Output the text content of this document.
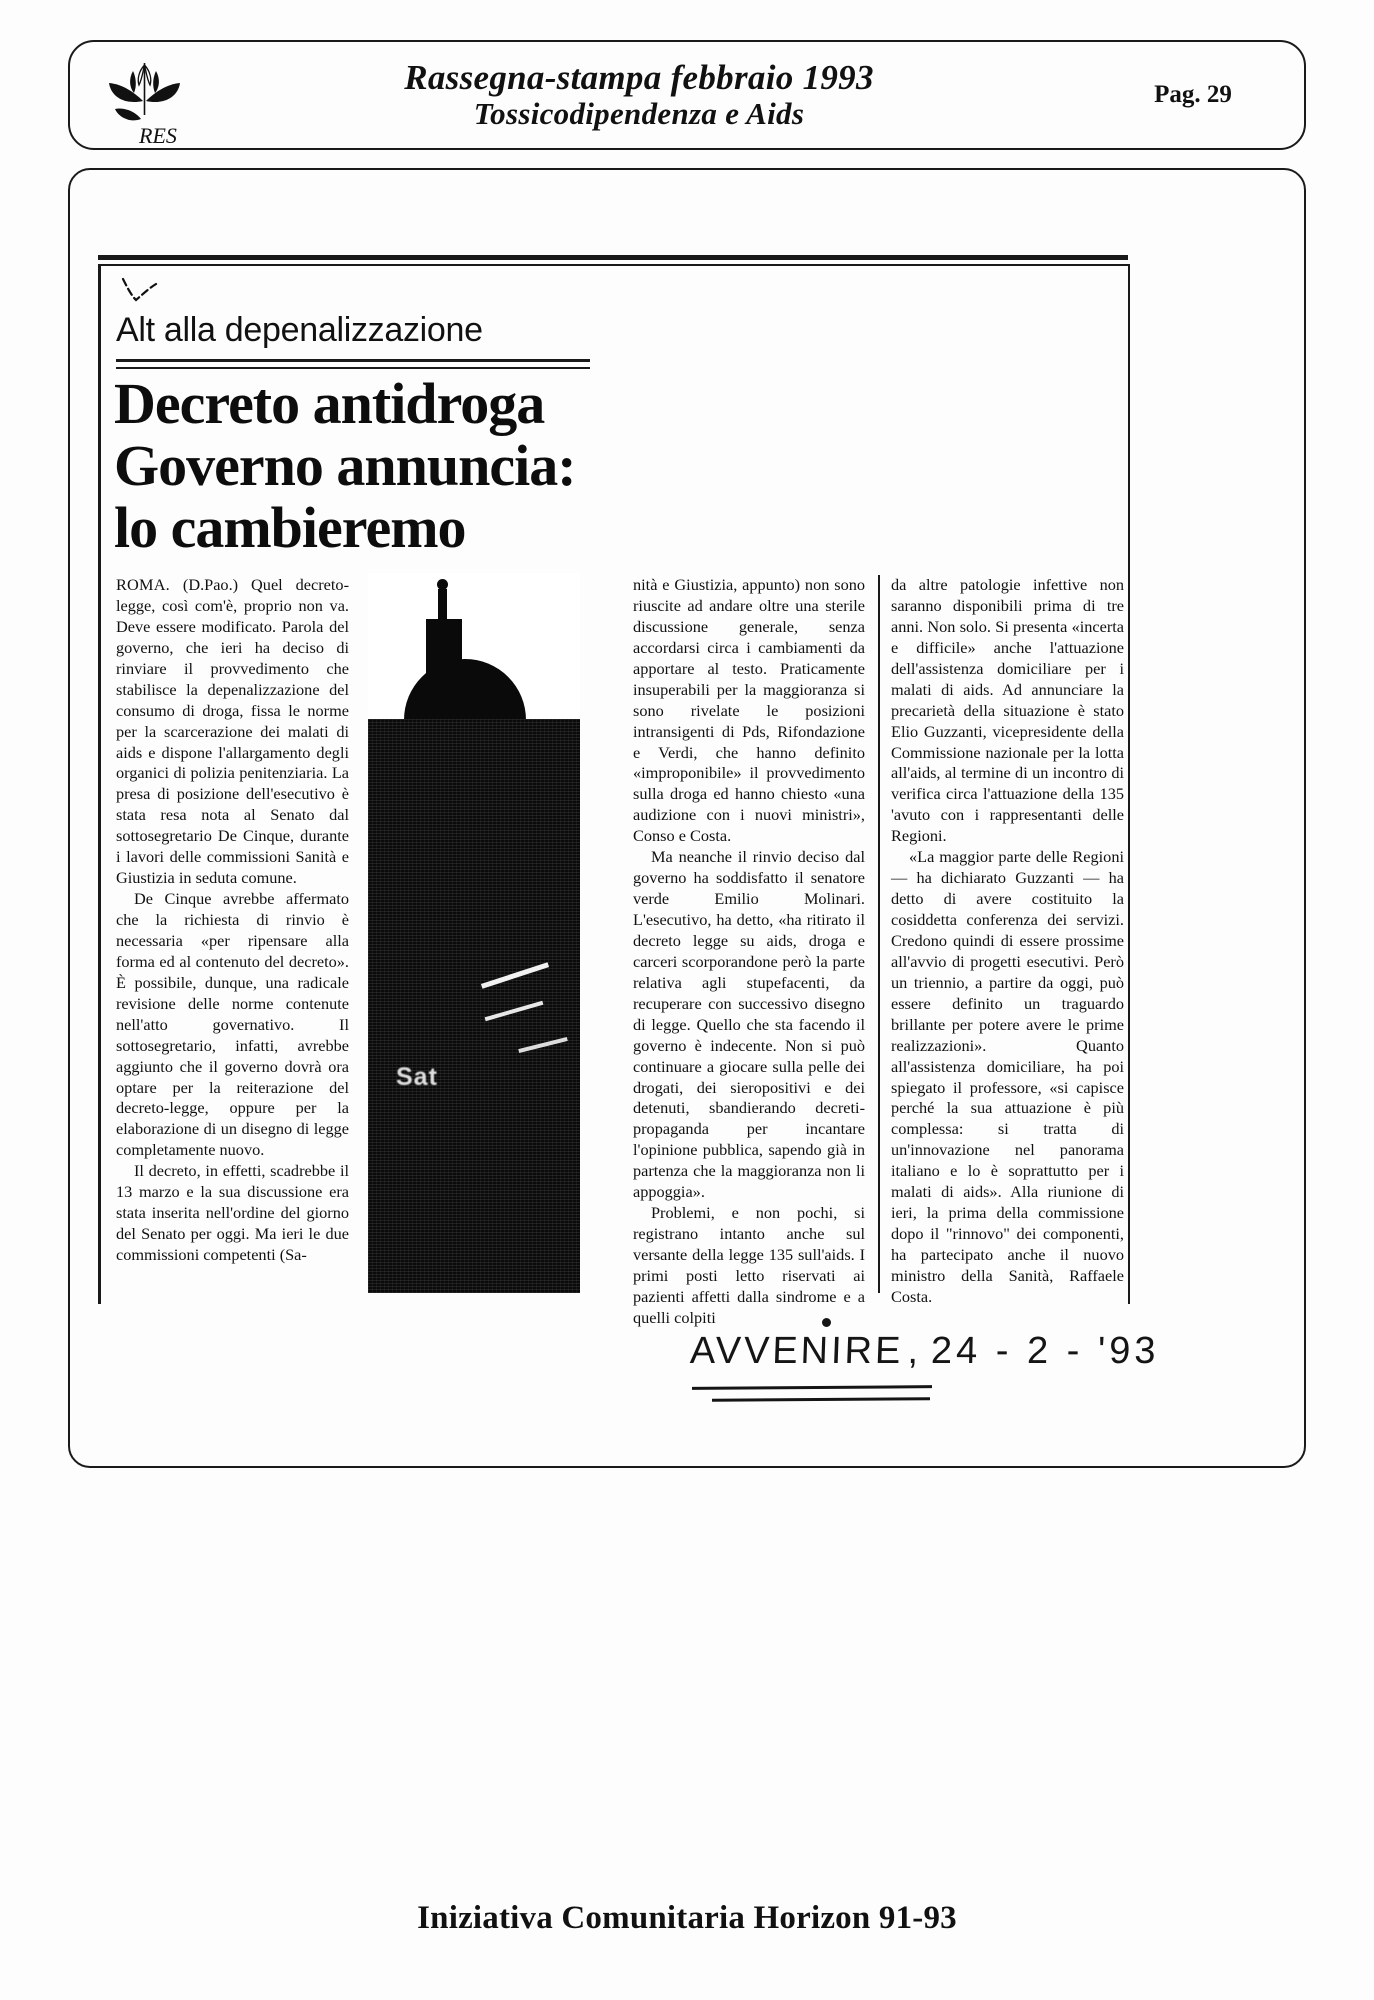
RES
Rassegna-stampa febbraio 1993
Tossicodipendenza e Aids
Pag. 29
Alt alla depenalizzazione
Decreto antidroga
Governo annuncia:
lo cambieremo

ROMA. (D.Pao.) Quel decreto-legge, così com'è, proprio non va. Deve essere modificato. Parola del governo, che ieri ha deciso di rinviare il provvedimento che stabilisce la depenalizzazione del consumo di droga, fissa le norme per la scarcerazione dei malati di aids e dispone l'allargamento degli organici di polizia penitenziaria. La presa di posizione dell'esecutivo è stata resa nota al Senato dal sottosegretario De Cinque, durante i lavori delle commissioni Sanità e Giustizia in seduta comune.

De Cinque avrebbe affermato che la richiesta di rinvio è necessaria «per ripensare alla forma ed al contenuto del decreto». È possibile, dunque, una radicale revisione delle norme contenute nell'atto governativo. Il sottosegretario, infatti, avrebbe aggiunto che il governo dovrà ora optare per la reiterazione del decreto-legge, oppure per la elaborazione di un disegno di legge completamente nuovo.

Il decreto, in effetti, scadrebbe il 13 marzo e la sua discussione era stata inserita nell'ordine del giorno del Senato per oggi. Ma ieri le due commissioni competenti (Sa-

nità e Giustizia, appunto) non sono riuscite ad andare oltre una sterile discussione generale, senza accordarsi circa i cambiamenti da apportare al testo. Praticamente insuperabili per la maggioranza si sono rivelate le posizioni intransigenti di Pds, Rifondazione e Verdi, che hanno definito «improponibile» il provvedimento sulla droga ed hanno chiesto «una audizione con i nuovi ministri», Conso e Costa.

Ma neanche il rinvio deciso dal governo ha soddisfatto il senatore verde Emilio Molinari. L'esecutivo, ha detto, «ha ritirato il decreto legge su aids, droga e carceri scorporandone però la parte relativa agli stupefacenti, da recuperare con successivo disegno di legge. Quello che sta facendo il governo è indecente. Non si può continuare a giocare sulla pelle dei drogati, dei sieropositivi e dei detenuti, sbandierando decreti-propaganda per incantare l'opinione pubblica, sapendo già in partenza che la maggioranza non li appoggia».

Problemi, e non pochi, si registrano intanto anche sul versante della legge 135 sull'aids. I primi posti letto riservati ai pazienti affetti dalla sindrome e a quelli colpiti

da altre patologie infettive non saranno disponibili prima di tre anni. Non solo. Si presenta «incerta e difficile» anche l'attuazione dell'assistenza domiciliare per i malati di aids. Ad annunciare la precarietà della situazione è stato Elio Guzzanti, vicepresidente della Commissione nazionale per la lotta all'aids, al termine di un incontro di verifica circa l'attuazione della 135 'avuto con i rappresentanti delle Regioni.

«La maggior parte delle Regioni — ha dichiarato Guzzanti — ha detto di avere costituito la cosiddetta conferenza dei servizi. Credono quindi di essere prossime all'avvio di progetti esecutivi. Però un triennio, a partire da oggi, può essere definito un traguardo brillante per potere avere le prime realizzazioni». Quanto all'assistenza domiciliare, ha poi spiegato il professore, «si capisce perché la sua attuazione è più complessa: si tratta di un'innovazione nel panorama italiano e lo è soprattutto per i malati di aids». Alla riunione di ieri, la prima della commissione dopo il "rinnovo" dei componenti, ha partecipato anche il nuovo ministro della Sanità, Raffaele Costa.

Sat
AVVENIRE, 24 - 2 - '93
Iniziativa Comunitaria Horizon 91-93
